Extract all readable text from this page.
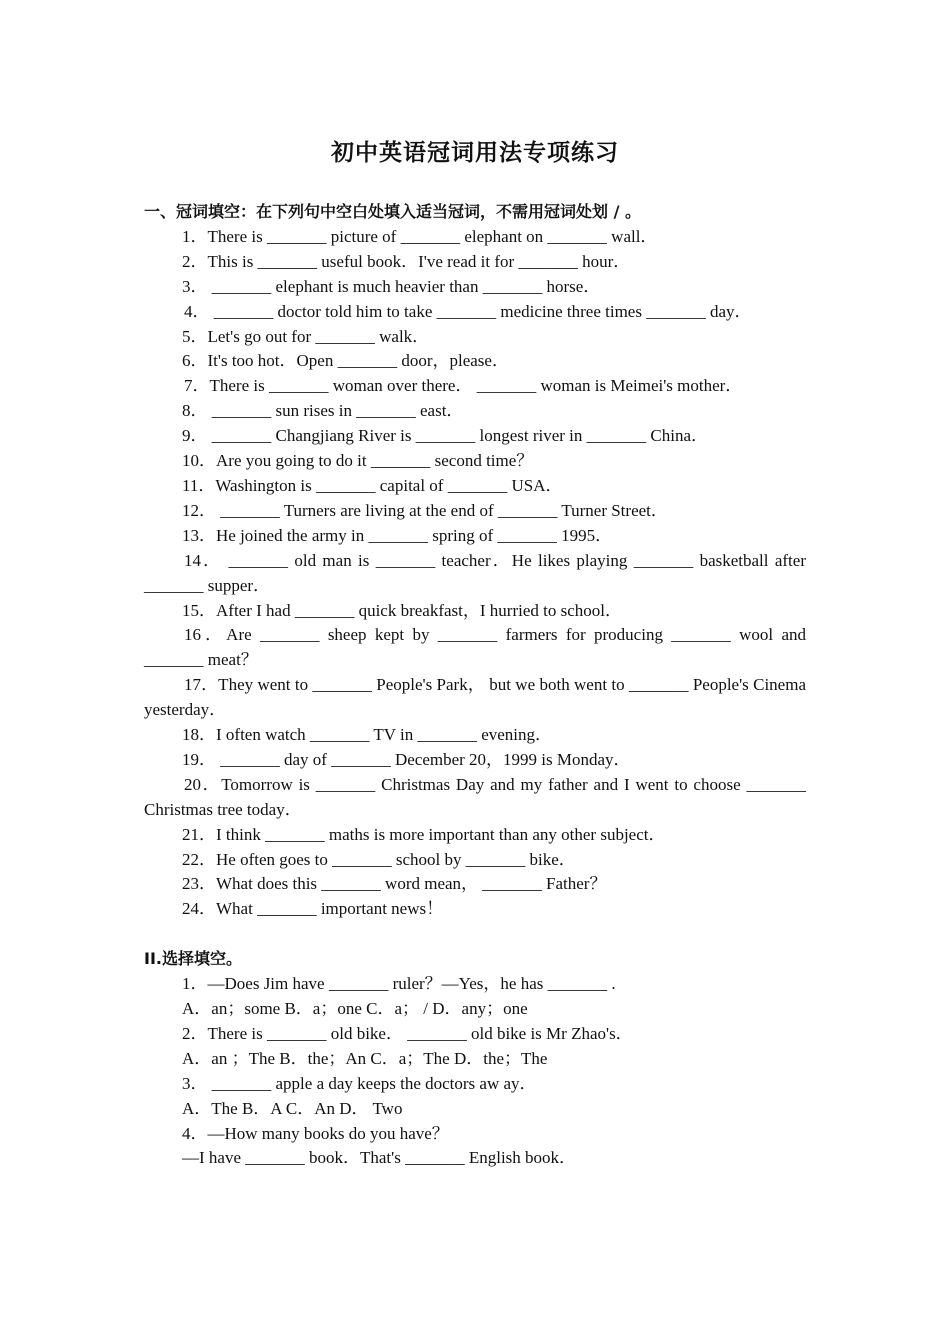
初中英语冠词用法专项练习
一、冠词填空：在下列句中空白处填入适当冠词，不需用冠词处划 / 。
1．There is _______ picture of _______ elephant on _______ wall．
2．This is _______ useful book．I've read it for _______ hour．
3． _______ elephant is much heavier than _______ horse．
4． _______ doctor told him to take _______ medicine three times _______ day．
5．Let's go out for _______ walk．
6．It's too hot．Open _______ door，please．
7．There is _______ woman over there． _______ woman is Meimei's mother．
8． _______ sun rises in _______ east．
9． _______ Changjiang River is _______ longest river in _______ China．
10．Are you going to do it _______ second time？
11．Washington is _______ capital of _______ USA．
12． _______ Turners are living at the end of _______ Turner Street．
13．He joined the army in _______ spring of _______ 1995．
14． _______ old man is _______ teacher．He likes playing _______ basketball after _______ supper．
15．After I had _______ quick breakfast，I hurried to school．
16．Are _______ sheep kept by _______ farmers for producing _______ wool and _______ meat？
17．They went to _______ People's Park， but we both went to _______ People's Cinema yesterday．
18．I often watch _______ TV in _______ evening．
19． _______ day of _______ December 20，1999 is Monday．
20．Tomorrow is _______ Christmas Day and my father and I went to choose _______ Christmas tree today．
21．I think _______ maths is more important than any other subject．
22．He often goes to _______ school by _______ bike．
23．What does this _______ word mean， _______ Father？
24．What _______ important news！
II.选择填空。
1．—Does Jim have _______ ruler？—Yes，he has _______ .
A．an；some B．a；one C．a； / D．any；one
2．There is _______ old bike． _______ old bike is Mr Zhao's．
A．an ；The B．the；An C．a；The D．the；The
3． _______ apple a day keeps the doctors aw ay．
A．The B．A C．An D． Two
4．—How many books do you have？
—I have _______ book．That's _______ English book．
